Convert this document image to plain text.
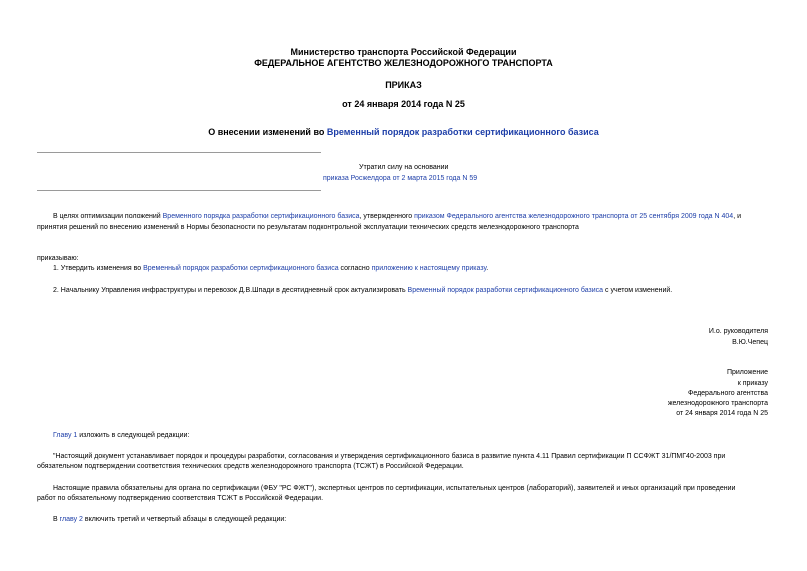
Министерство транспорта Российской Федерации
ФЕДЕРАЛЬНОЕ АГЕНТСТВО ЖЕЛЕЗНОДОРОЖНОГО ТРАНСПОРТА
ПРИКАЗ
от 24 января 2014 года N 25
О внесении изменений во Временный порядок разработки сертификационного базиса
Утратил силу на основании
приказа Росжелдора от 2 марта 2015 года N 59
В целях оптимизации положений Временного порядка разработки сертификационного базиса, утвержденного приказом Федерального агентства железнодорожного транспорта от 25 сентября 2009 года N 404, и
принятия решений по внесению изменений в Нормы безопасности по результатам подконтрольной эксплуатации технических средств железнодорожного транспорта
приказываю:
1. Утвердить изменения во Временный порядок разработки сертификационного базиса согласно приложению к настоящему приказу.
2. Начальнику Управления инфраструктуры и перевозок Д.В.Шпади в десятидневный срок актуализировать Временный порядок разработки сертификационного базиса с учетом изменений.
И.о. руководителя
В.Ю.Чепец
Приложение
к приказу
Федерального агентства
железнодорожного транспорта
от 24 января 2014 года N 25
Главу 1 изложить в следующей редакции:
"Настоящий документ устанавливает порядок и процедуры разработки, согласования и утверждения сертификационного базиса в развитие пункта 4.11 Правил сертификации П ССФЖТ 31/ПМГ40-2003 при
обязательном подтверждении соответствия технических средств железнодорожного транспорта (ТСЖТ) в Российской Федерации.
Настоящие правила обязательны для органа по сертификации (ФБУ "РС ФЖТ"), экспертных центров по сертификации, испытательных центров (лабораторий), заявителей и иных организаций при проведении
работ по обязательному подтверждению соответствия ТСЖТ в Российской Федерации.
В главу 2 включить третий и четвертый абзацы в следующей редакции:
